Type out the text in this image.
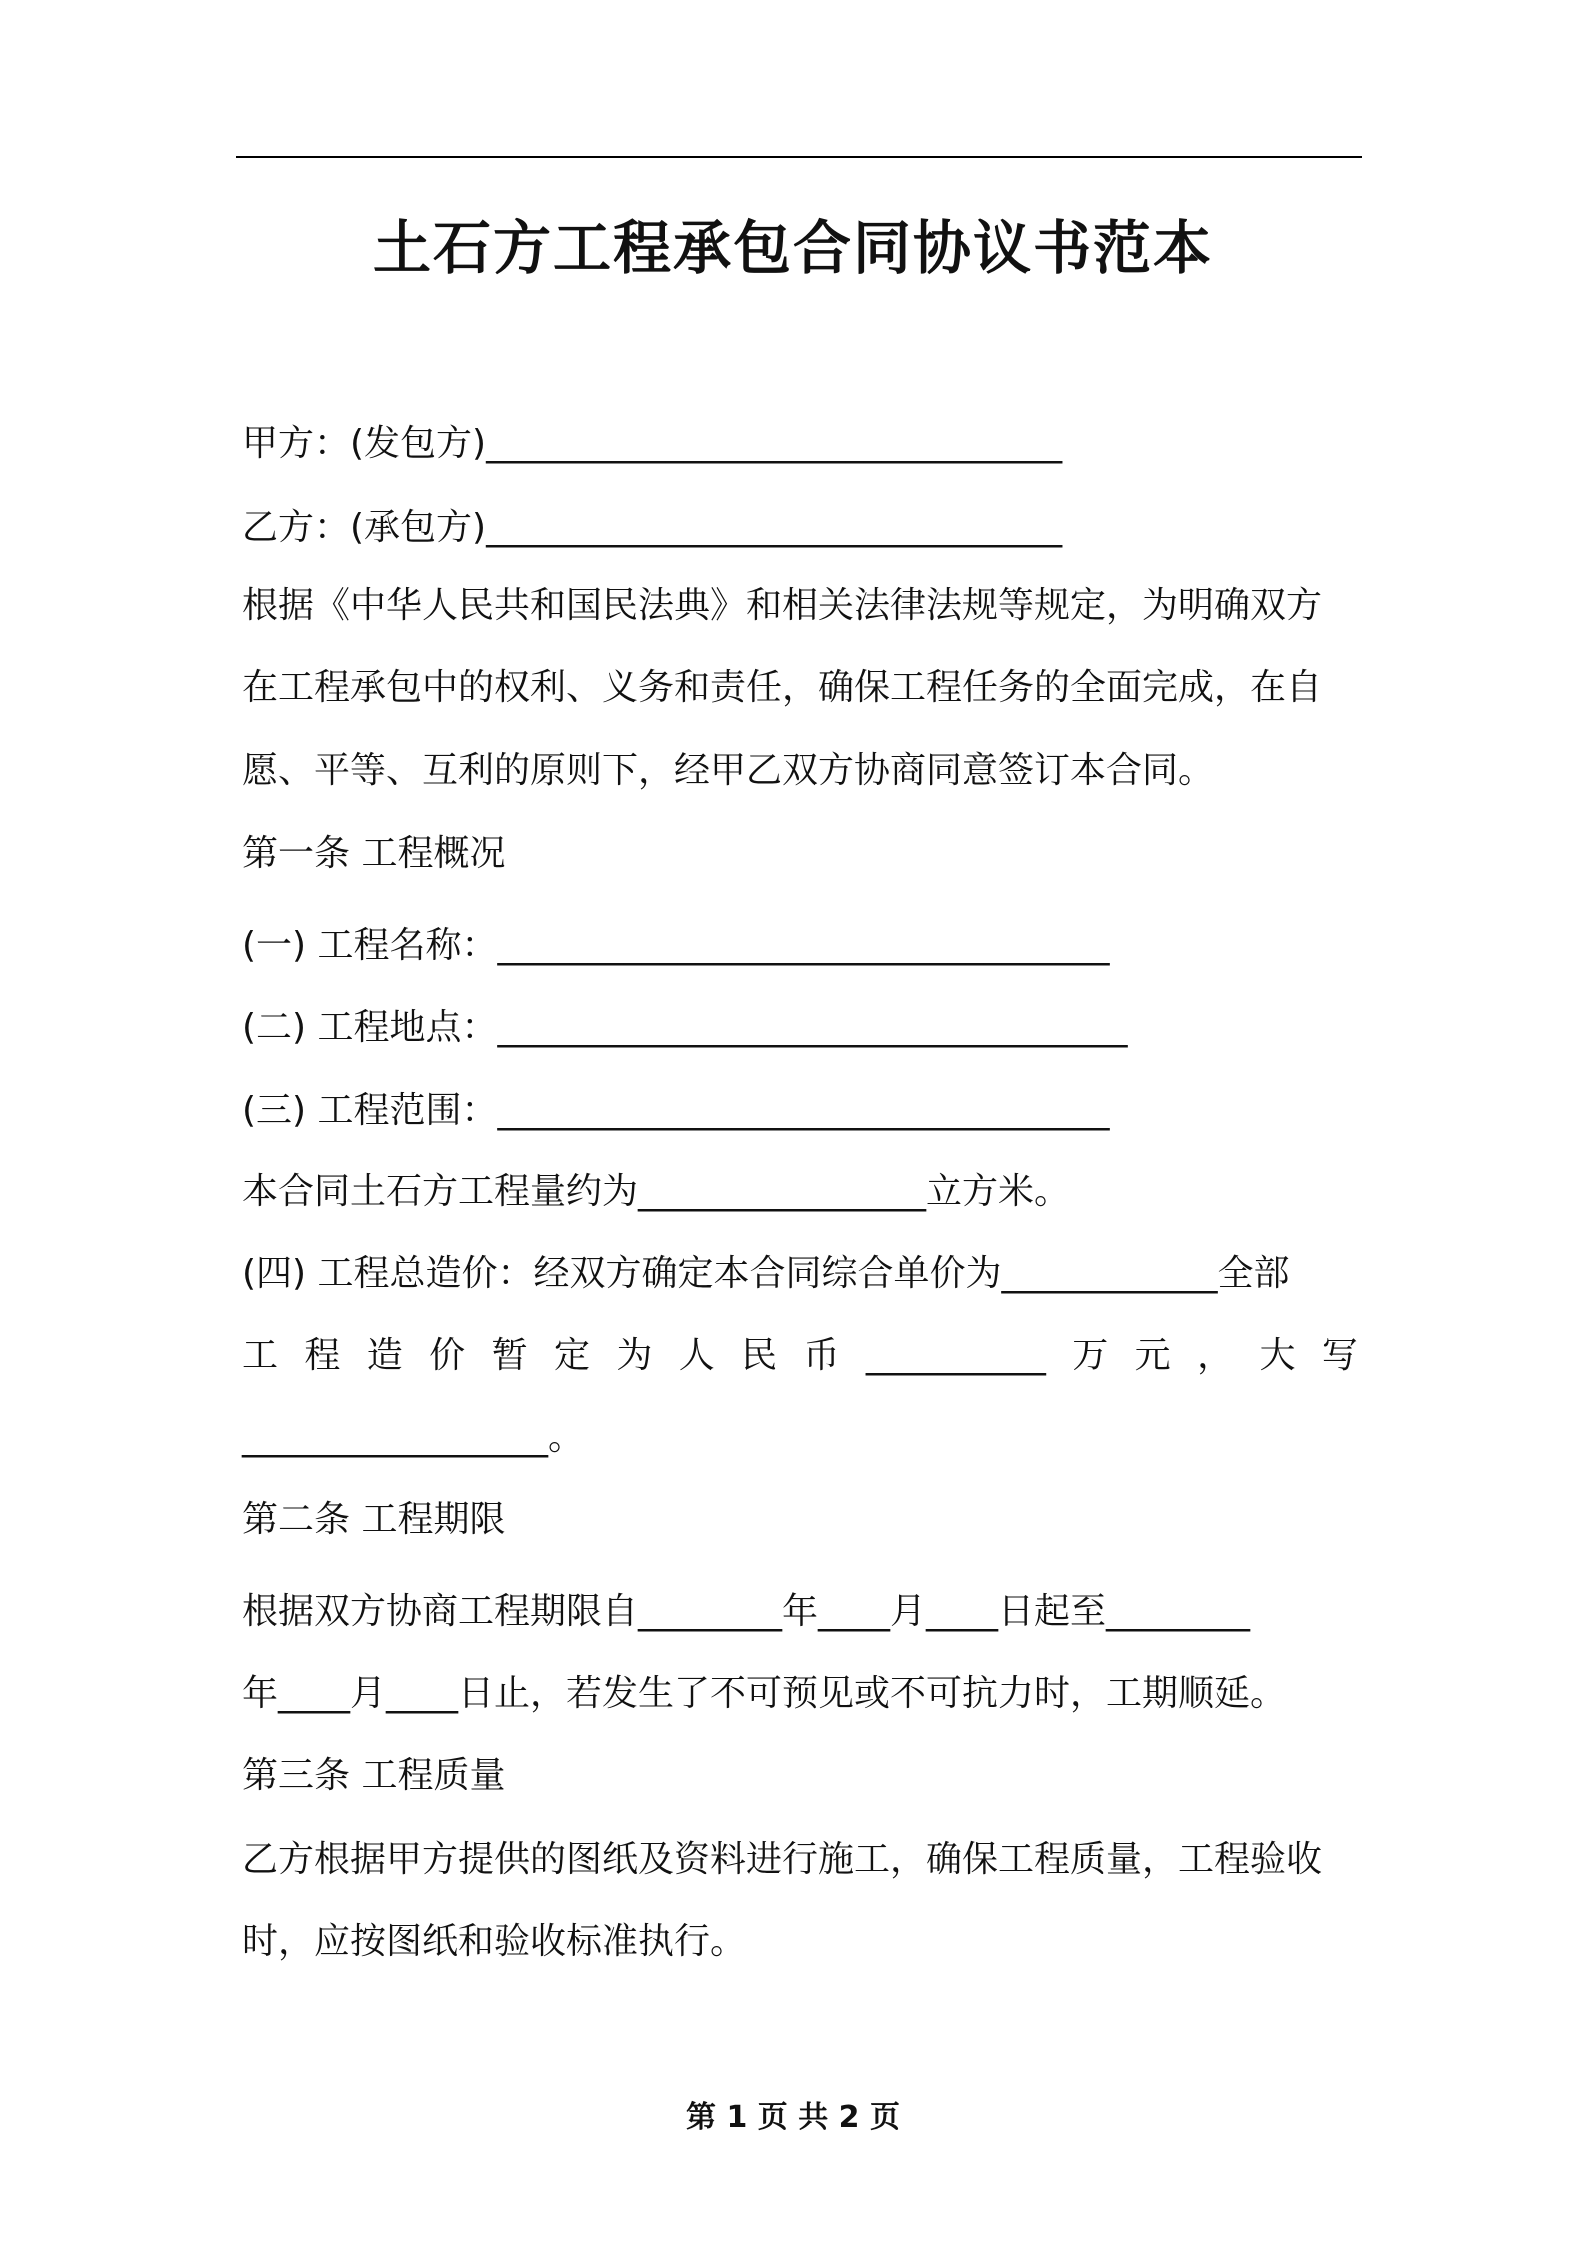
土石方工程承包合同协议书范本
甲方：(发包方)________________________________
乙方：(承包方)________________________________
根据《中华人民共和国民法典》和相关法律法规等规定，为明确双方
在工程承包中的权利、义务和责任，确保工程任务的全面完成，在自
愿、平等、互利的原则下，经甲乙双方协商同意签订本合同。
第一条 工程概况
(一) 工程名称：__________________________________
(二) 工程地点：___________________________________
(三) 工程范围：__________________________________
本合同土石方工程量约为________________立方米。
(四) 工程总造价：经双方确定本合同综合单价为____________全部
工 程 造 价 暂 定 为 人 民 币 __________ 万 元 ， 大 写
_________________。
第二条 工程期限
根据双方协商工程期限自________年____月____日起至________
年____月____日止，若发生了不可预见或不可抗力时，工期顺延。
第三条 工程质量
乙方根据甲方提供的图纸及资料进行施工，确保工程质量，工程验收
时，应按图纸和验收标准执行。
第 1 页 共 2 页
